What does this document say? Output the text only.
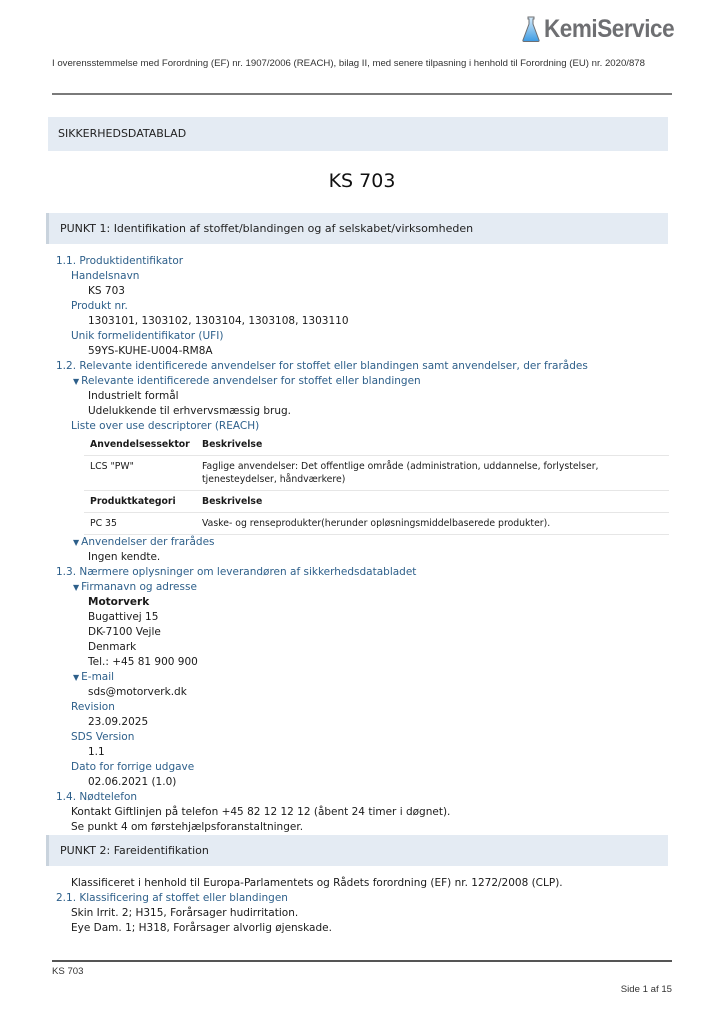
KemiService
I overensstemmelse med Forordning (EF) nr. 1907/2006 (REACH), bilag II, med senere tilpasning i henhold til Forordning (EU) nr. 2020/878
SIKKERHEDSDATABLAD
KS 703
PUNKT 1: Identifikation af stoffet/blandingen og af selskabet/virksomheden
1.1. Produktidentifikator
Handelsnavn
KS 703
Produkt nr.
1303101, 1303102, 1303104, 1303108, 1303110
Unik formelidentifikator (UFI)
59YS-KUHE-U004-RM8A
1.2. Relevante identificerede anvendelser for stoffet eller blandingen samt anvendelser, der frarådes
▼ Relevante identificerede anvendelser for stoffet eller blandingen
Industrielt formål
Udelukkende til erhvervsmæssig brug.
Liste over use descriptorer (REACH)
Anvendelsessektor	Beskrivelse
LCS "PW"	Faglige anvendelser: Det offentlige område (administration, uddannelse, forlystelser, tjenesteydelser, håndværkere)
Produktkategori	Beskrivelse
PC 35	Vaske- og renseprodukter(herunder opløsningsmiddelbaserede produkter).
▼ Anvendelser der frarådes
Ingen kendte.
1.3. Nærmere oplysninger om leverandøren af sikkerhedsdatabladet
▼ Firmanavn og adresse
Motorverk
Bugattivej 15
DK-7100 Vejle
Denmark
Tel.: +45 81 900 900
▼ E-mail
sds@motorverk.dk
Revision
23.09.2025
SDS Version
1.1
Dato for forrige udgave
02.06.2021 (1.0)
1.4. Nødtelefon
Kontakt Giftlinjen på telefon +45 82 12 12 12 (åbent 24 timer i døgnet).
Se punkt 4 om førstehjælpsforanstaltninger.
PUNKT 2: Fareidentifikation
Klassificeret i henhold til Europa-Parlamentets og Rådets forordning (EF) nr. 1272/2008 (CLP).
2.1. Klassificering af stoffet eller blandingen
Skin Irrit. 2; H315, Forårsager hudirritation.
Eye Dam. 1; H318, Forårsager alvorlig øjenskade.
KS 703
Side 1 af 15
